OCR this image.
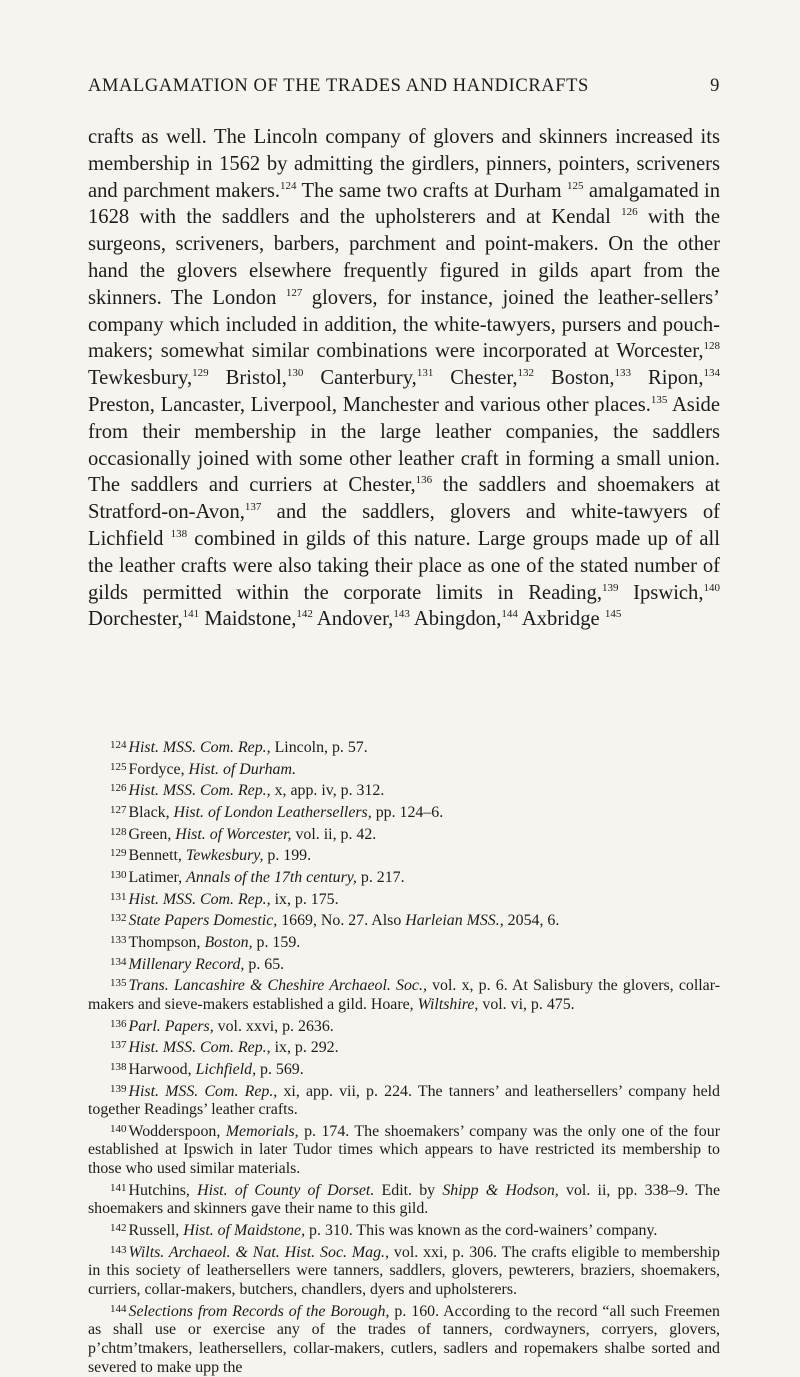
AMALGAMATION OF THE TRADES AND HANDICRAFTS	9

crafts as well. The Lincoln company of glovers and skinners increased its membership in 1562 by admitting the girdlers, pinners, pointers, scriveners and parchment makers.$^{124}$ The same two crafts at Durham $^{125}$ amalgamated in 1628 with the saddlers and the upholsterers and at Kendal $^{126}$ with the surgeons, scriveners, barbers, parchment and point-makers. On the other hand the glovers elsewhere frequently figured in gilds apart from the skinners. The London $^{127}$ glovers, for instance, joined the leather-sellers’ company which included in addition, the white-tawyers, pursers and pouch-makers; somewhat similar combinations were incorporated at Worcester,$^{128}$ Tewkesbury,$^{129}$ Bristol,$^{130}$ Canterbury,$^{131}$ Chester,$^{132}$ Boston,$^{133}$ Ripon,$^{134}$ Preston, Lancaster, Liverpool, Manchester and various other places.$^{135}$ Aside from their membership in the large leather companies, the saddlers occasionally joined with some other leather craft in forming a small union. The saddlers and curriers at Chester,$^{136}$ the saddlers and shoemakers at Stratford-on-Avon,$^{137}$ and the saddlers, glovers and white-tawyers of Lichfield $^{138}$ combined in gilds of this nature. Large groups made up of all the leather crafts were also taking their place as one of the stated number of gilds permitted within the corporate limits in Reading,$^{139}$ Ipswich,$^{140}$ Dorchester,$^{141}$ Maidstone,$^{142}$ Andover,$^{143}$ Abingdon,$^{144}$ Axbridge $^{145}$

$^{124}$ Hist. MSS. Com. Rep., Lincoln, p. 57.

$^{125}$ Fordyce, Hist. of Durham.

$^{126}$ Hist. MSS. Com. Rep., x, app. iv, p. 312.

$^{127}$ Black, Hist. of London Leathersellers, pp. 124–6.

$^{128}$ Green, Hist. of Worcester, vol. ii, p. 42.

$^{129}$ Bennett, Tewkesbury, p. 199.

$^{130}$ Latimer, Annals of the 17th century, p. 217.

$^{131}$ Hist. MSS. Com. Rep., ix, p. 175.

$^{132}$ State Papers Domestic, 1669, No. 27. Also Harleian MSS., 2054, 6.

$^{133}$ Thompson, Boston, p. 159.

$^{134}$ Millenary Record, p. 65.

$^{135}$ Trans. Lancashire & Cheshire Archaeol. Soc., vol. x, p. 6. At Salisbury the glovers, collar-makers and sieve-makers established a gild. Hoare, Wiltshire, vol. vi, p. 475.

$^{136}$ Parl. Papers, vol. xxvi, p. 2636.

$^{137}$ Hist. MSS. Com. Rep., ix, p. 292.

$^{138}$ Harwood, Lichfield, p. 569.

$^{139}$ Hist. MSS. Com. Rep., xi, app. vii, p. 224. The tanners’ and leathersellers’ company held together Readings’ leather crafts.

$^{140}$ Wodderspoon, Memorials, p. 174. The shoemakers’ company was the only one of the four established at Ipswich in later Tudor times which appears to have restricted its membership to those who used similar materials.

$^{141}$ Hutchins, Hist. of County of Dorset. Edit. by Shipp & Hodson, vol. ii, pp. 338–9. The shoemakers and skinners gave their name to this gild.

$^{142}$ Russell, Hist. of Maidstone, p. 310. This was known as the cord-wainers’ company.

$^{143}$ Wilts. Archaeol. & Nat. Hist. Soc. Mag., vol. xxi, p. 306. The crafts eligible to membership in this society of leathersellers were tanners, saddlers, glovers, pewterers, braziers, shoemakers, curriers, collar-makers, butchers, chandlers, dyers and upholsterers.

$^{144}$ Selections from Records of the Borough, p. 160. According to the record “all such Freemen as shall use or exercise any of the trades of tanners, cordwayners, corryers, glovers, p’chtm’tmakers, leathersellers, collar-makers, cutlers, sadlers and ropemakers shalbe sorted and severed to make upp the
